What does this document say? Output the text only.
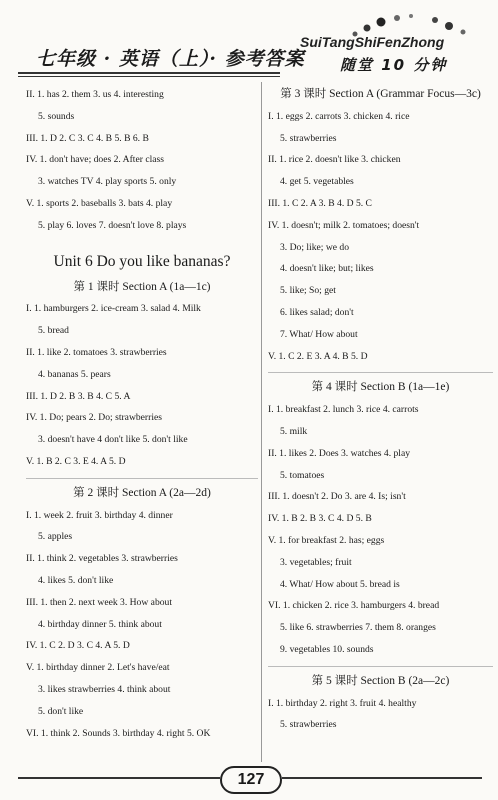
七年级 · 英语（上）· 参考答案
SuiTangShiFenZhong
随堂 10 分钟
II. 1. has 2. them 3. us 4. interesting
5. sounds
III. 1. D 2. C 3. C 4. B 5. B 6. B
IV. 1. don't have; does 2. After class
3. watches TV 4. play sports 5. only
V. 1. sports 2. baseballs 3. bats 4. play
5. play 6. loves 7. doesn't love 8. plays
Unit 6 Do you like bananas?
第 1 课时 Section A (1a—1c)
I. 1. hamburgers 2. ice-cream 3. salad 4. Milk
5. bread
II. 1. like 2. tomatoes 3. strawberries
4. bananas 5. pears
III. 1. D 2. B 3. B 4. C 5. A
IV. 1. Do; pears 2. Do; strawberries
3. doesn't have 4 don't like 5. don't like
V. 1. B 2. C 3. E 4. A 5. D
第 2 课时 Section A (2a—2d)
I. 1. week 2. fruit 3. birthday 4. dinner
5. apples
II. 1. think 2. vegetables 3. strawberries
4. likes 5. don't like
III. 1. then 2. next week 3. How about
4. birthday dinner 5. think about
IV. 1. C 2. D 3. C 4. A 5. D
V. 1. birthday dinner 2. Let's have/eat
3. likes strawberries 4. think about
5. don't like
VI. 1. think 2. Sounds 3. birthday 4. right 5. OK
第 3 课时 Section A (Grammar Focus—3c)
I. 1. eggs 2. carrots 3. chicken 4. rice
5. strawberries
II. 1. rice 2. doesn't like 3. chicken
4. get 5. vegetables
III. 1. C 2. A 3. B 4. D 5. C
IV. 1. doesn't; milk 2. tomatoes; doesn't
3. Do; like; we do
4. doesn't like; but; likes
5. like; So; get
6. likes salad; don't
7. What/ How about
V. 1. C 2. E 3. A 4. B 5. D
第 4 课时 Section B (1a—1e)
I. 1. breakfast 2. lunch 3. rice 4. carrots
5. milk
II. 1. likes 2. Does 3. watches 4. play
5. tomatoes
III. 1. doesn't 2. Do 3. are 4. Is; isn't
IV. 1. B 2. B 3. C 4. D 5. B
V. 1. for breakfast 2. has; eggs
3. vegetables; fruit
4. What/ How about 5. bread is
VI. 1. chicken 2. rice 3. hamburgers 4. bread
5. like 6. strawberries 7. them 8. oranges
9. vegetables 10. sounds
第 5 课时 Section B (2a—2c)
I. 1. birthday 2. right 3. fruit 4. healthy
5. strawberries
127
